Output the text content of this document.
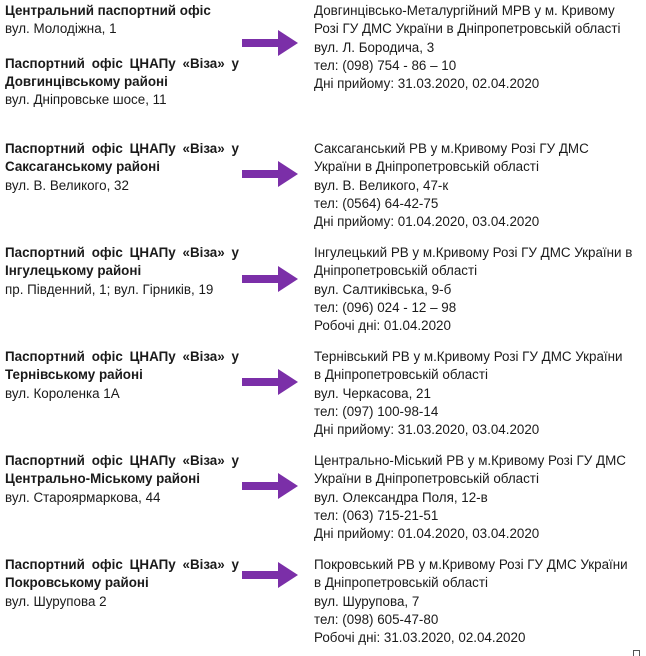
Центральний паспортний офіс
вул. Молодіжна, 1
Паспортний офіс ЦНАПу «Віза» у
Довгинцівському районі
вул. Дніпровське шосе, 11
Довгинцівсько-Металургійний МРВ у м. Кривому
Розі ГУ ДМС України в Дніпропетровській області
вул. Л. Бородича, 3
тел: (098) 754 - 86 – 10
Дні прийому: 31.03.2020, 02.04.2020
Паспортний офіс ЦНАПу «Віза» у
Саксаганському районі
вул. В. Великого, 32
Саксаганський РВ у м.Кривому Розі ГУ ДМС
України в Дніпропетровській області
вул. В. Великого, 47-к
тел: (0564) 64-42-75
Дні прийому: 01.04.2020, 03.04.2020
Паспортний офіс ЦНАПу «Віза» у
Інгулецькому районі
пр. Південний, 1; вул. Гірників, 19
Інгулецький РВ у м.Кривому Розі ГУ ДМС України в
Дніпропетровській області
вул. Салтиківська, 9-б
тел: (096) 024 - 12 – 98
Робочі дні: 01.04.2020
Паспортний офіс ЦНАПу «Віза» у
Тернівському районі
вул. Короленка 1А
Тернівський РВ у м.Кривому Розі ГУ ДМС України
в Дніпропетровській області
вул. Черкасова, 21
тел: (097) 100-98-14
Дні прийому: 31.03.2020, 03.04.2020
Паспортний офіс ЦНАПу «Віза» у
Центрально-Міському районі
вул. Староярмаркова, 44
Центрально-Міський РВ у м.Кривому Розі ГУ ДМС
України в Дніпропетровській області
вул. Олександра Поля, 12-в
тел: (063) 715-21-51
Дні прийому: 01.04.2020, 03.04.2020
Паспортний офіс ЦНАПу «Віза» у
Покровському районі
вул. Шурупова 2
Покровський РВ у м.Кривому Розі ГУ ДМС України
в Дніпропетровській області
вул. Шурупова, 7
тел: (098) 605-47-80
Робочі дні: 31.03.2020, 02.04.2020
